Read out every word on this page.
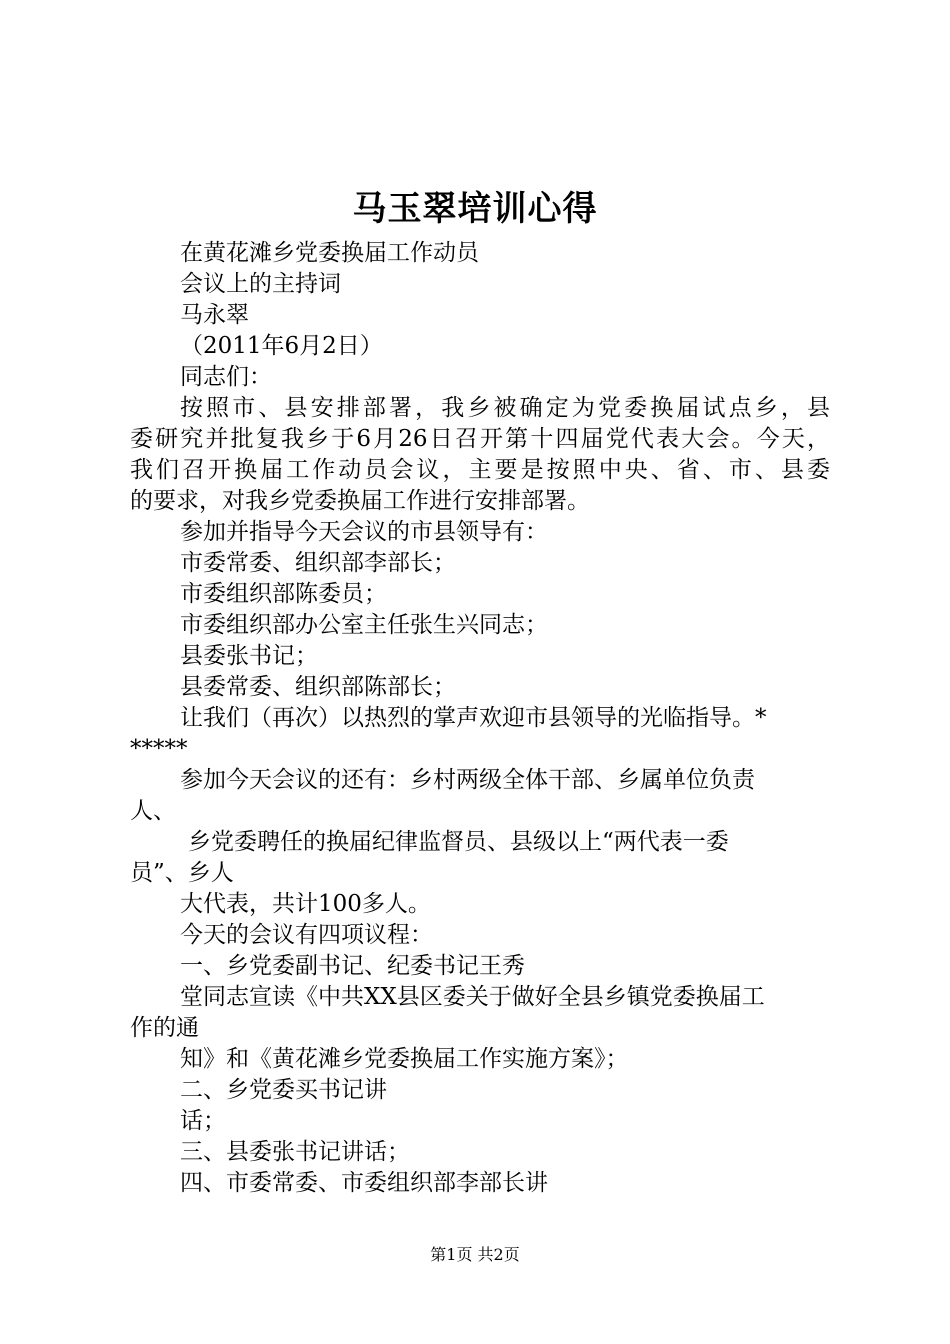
马玉翠培训心得
在黄花滩乡党委换届工作动员
会议上的主持词
马永翠
（2011年6月2日）
同志们：
按照市、县安排部署，我乡被确定为党委换届试点乡，县
委研究并批复我乡于6月26日召开第十四届党代表大会。今天，
我们召开换届工作动员会议，主要是按照中央、省、市、县委
的要求，对我乡党委换届工作进行安排部署。
参加并指导今天会议的市县领导有：
市委常委、组织部李部长；
市委组织部陈委员；
市委组织部办公室主任张生兴同志；
县委张书记；
县委常委、组织部陈部长；
让我们（再次）以热烈的掌声欢迎市县领导的光临指导。*
*****
参加今天会议的还有：乡村两级全体干部、乡属单位负责
人、
乡党委聘任的换届纪律监督员、县级以上“两代表一委
员”、乡人
大代表，共计100多人。
今天的会议有四项议程：
一、乡党委副书记、纪委书记王秀
堂同志宣读《中共XX县区委关于做好全县乡镇党委换届工
作的通
知》和《黄花滩乡党委换届工作实施方案》；
二、乡党委买书记讲
话；
三、县委张书记讲话；
四、市委常委、市委组织部李部长讲
第1页 共2页
